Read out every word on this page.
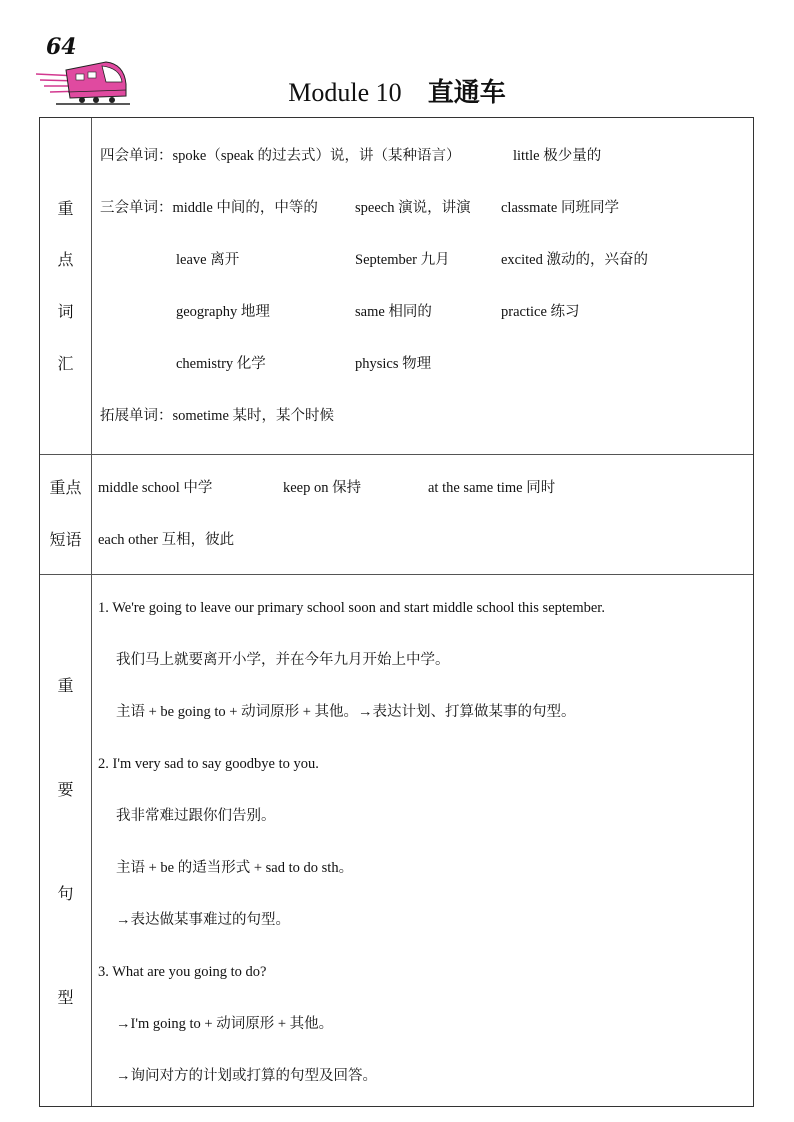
64
Module 10 直通车
重
点
词
汇
四会单词：spoke（speak 的过去式）说，讲（某种语言）	little 极少量的
三会单词：middle 中间的，中等的	speech 演说，讲演 classmate 同班同学
leave 离开	September 九月	excited 激动的，兴奋的
geography 地理	same 相同的	practice 练习
chemistry 化学	physics 物理
拓展单词：sometime 某时，某个时候
重点
短语
middle school 中学	keep on 保持	at the same time 同时
each other 互相，彼此
重
要
句
型
1. We're going to leave our primary school soon and start middle school this september.
我们马上就要离开小学，并在今年九月开始上中学。
主语 + be going to + 动词原形 + 其他。→表达计划、打算做某事的句型。
2. I'm very sad to say goodbye to you.
我非常难过跟你们告别。
主语 + be 的适当形式 + sad to do sth。
→表达做某事难过的句型。
3. What are you going to do?
→I'm going to + 动词原形 + 其他。
→询问对方的计划或打算的句型及回答。
